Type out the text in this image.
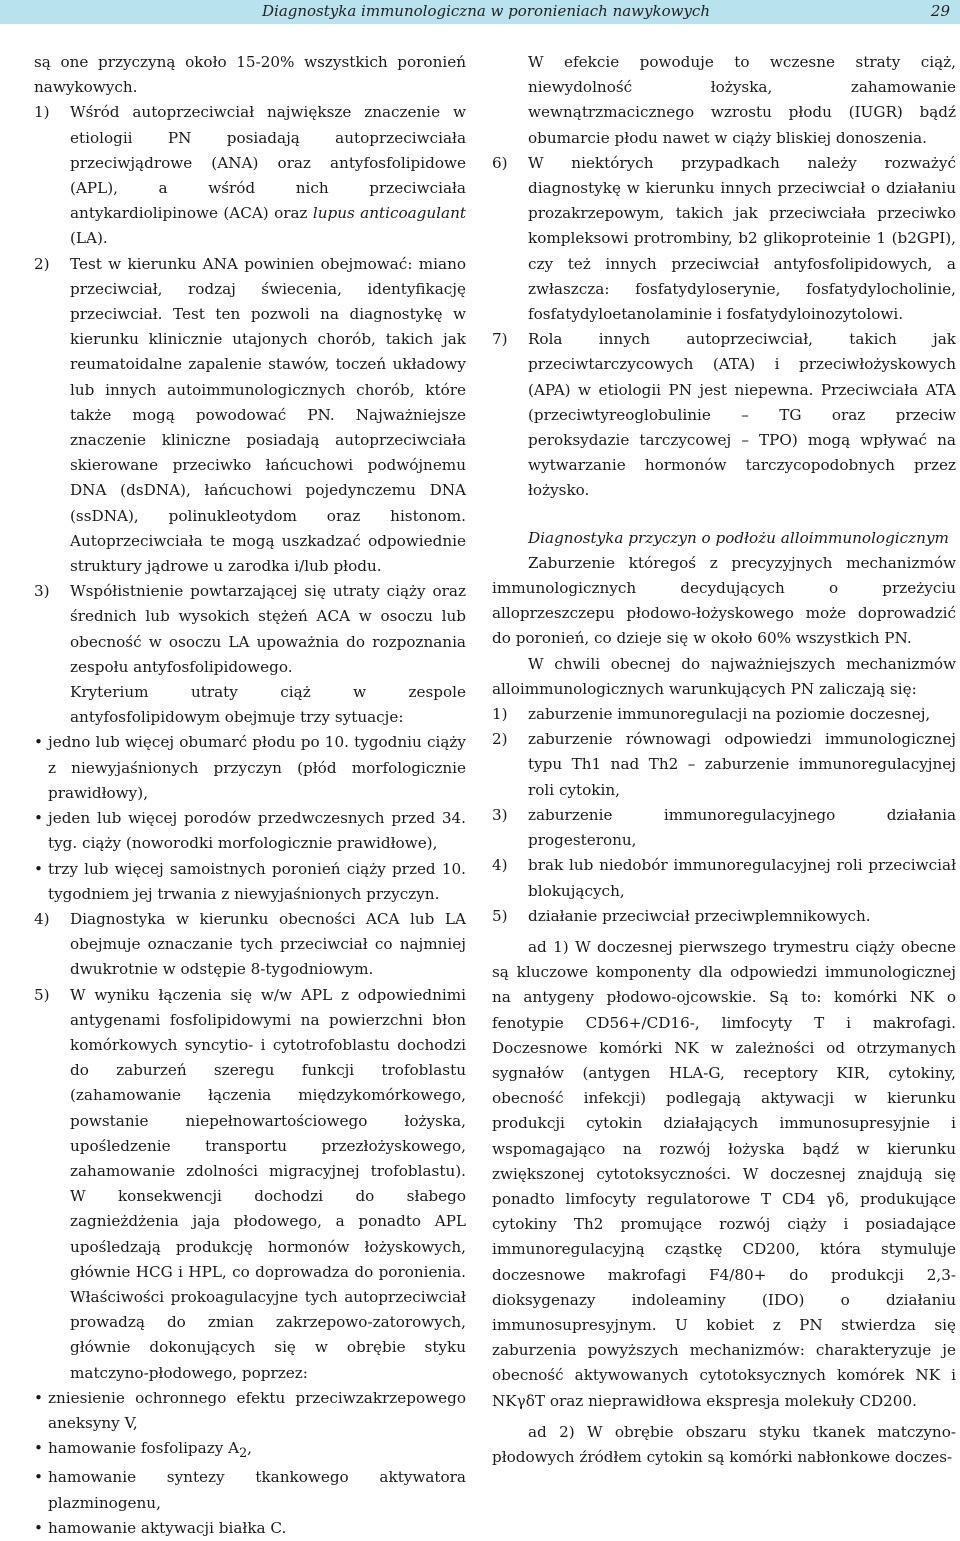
Diagnostyka immunologiczna w poronieniach nawykowych	29

są one przyczyną około 15-20% wszystkich poronień nawykowych.

1)	Wśród autoprzeciwciał największe znaczenie w etiologii PN posiadają autoprzeciwciała przeciwjądrowe (ANA) oraz antyfosfolipidowe (APL), a wśród nich przeciwciała antykardiolipinowe (ACA) oraz lupus anticoagulant (LA).
2)	Test w kierunku ANA powinien obejmować: miano przeciwciał, rodzaj świecenia, identyfikację przeciwciał. Test ten pozwoli na diagnostykę w kierunku klinicznie utajonych chorób, takich jak reumatoidalne zapalenie stawów, toczeń układowy lub innych autoimmunologicznych chorób, które także mogą powodować PN. Najważniejsze znaczenie kliniczne posiadają autoprzeciwciała skierowane przeciwko łańcuchowi podwójnemu DNA (dsDNA), łańcuchowi pojedynczemu DNA (ssDNA), polinukleotydom oraz histonom. Autoprzeciwciała te mogą uszkadzać odpowiednie struktury jądrowe u zarodka i/lub płodu.
3)	Współistnienie powtarzającej się utraty ciąży oraz średnich lub wysokich stężeń ACA w osoczu lub obecność w osoczu LA upoważnia do rozpoznania zespołu antyfosfolipidowego.

Kryterium utraty ciąż w zespole antyfosfolipidowym obejmuje trzy sytuacje:

• jedno lub więcej obumarć płodu po 10. tygodniu ciąży z niewyjaśnionych przyczyn (płód morfologicznie prawidłowy),
• jeden lub więcej porodów przedwczesnych przed 34. tyg. ciąży (noworodki morfologicznie prawidłowe),
• trzy lub więcej samoistnych poronień ciąży przed 10. tygodniem jej trwania z niewyjaśnionych przyczyn.
4)	Diagnostyka w kierunku obecności ACA lub LA obejmuje oznaczanie tych przeciwciał co najmniej dwukrotnie w odstępie 8-tygodniowym.
5)	W wyniku łączenia się w/w APL z odpowiednimi antygenami fosfolipidowymi na powierzchni błon komórkowych syncytio- i cytotrofoblastu dochodzi do zaburzeń szeregu funkcji trofoblastu (zahamowanie łączenia międzykomórkowego, powstanie niepełnowartościowego łożyska, upośledzenie transportu przezłożyskowego, zahamowanie zdolności migracyjnej trofoblastu). W konsekwencji dochodzi do słabego zagnieżdżenia jaja płodowego, a ponadto APL upośledzają produkcję hormonów łożyskowych, głównie HCG i HPL, co doprowadza do poronienia. Właściwości prokoagulacyjne tych autoprzeciwciał prowadzą do zmian zakrzepowo-zatorowych, głównie dokonujących się w obrębie styku matczyno-płodowego, poprzez:
• zniesienie ochronnego efektu przeciwzakrzepowego aneksyny V,
• hamowanie fosfolipazy $A_2$,
• hamowanie syntezy tkankowego aktywatora plazminogenu,
• hamowanie aktywacji białka C.

W efekcie powoduje to wczesne straty ciąż, niewydolność łożyska, zahamowanie wewnątrzmacicznego wzrostu płodu (IUGR) bądź obumarcie płodu nawet w ciąży bliskiej donoszenia.

6)	W niektórych przypadkach należy rozważyć diagnostykę w kierunku innych przeciwciał o działaniu prozakrzepowym, takich jak przeciwciała przeciwko kompleksowi protrombiny, b2 glikoproteinie 1 (b2GPI), czy też innych przeciwciał antyfosfolipidowych, a zwłaszcza: fosfatydyloserynie, fosfatydylocholinie, fosfatydyloetanolaminie i fosfatydyloinozytolowi.
7)	Rola innych autoprzeciwciał, takich jak przeciwtarczycowych (ATA) i przeciwłożyskowych (APA) w etiologii PN jest niepewna. Przeciwciała ATA (przeciwtyreoglobulinie – TG oraz przeciw peroksydazie tarczycowej – TPO) mogą wpływać na wytwarzanie hormonów tarczycopodobnych przez łożysko.

Diagnostyka przyczyn o podłożu alloimmunologicznym

Zaburzenie któregoś z precyzyjnych mechanizmów immunologicznych decydujących o przeżyciu alloprzeszczepu płodowo-łożyskowego może doprowadzić do poronień, co dzieje się w około 60% wszystkich PN.

W chwili obecnej do najważniejszych mechanizmów alloimmunologicznych warunkujących PN zaliczają się:

1)	zaburzenie immunoregulacji na poziomie doczesnej,
2)	zaburzenie równowagi odpowiedzi immunologicznej typu Th1 nad Th2 – zaburzenie immunoregulacyjnej roli cytokin,
3)	zaburzenie immunoregulacyjnego działania progesteronu,
4)	brak lub niedobór immunoregulacyjnej roli przeciwciał blokujących,
5)	działanie przeciwciał przeciwplemnikowych.

ad 1) W doczesnej pierwszego trymestru ciąży obecne są kluczowe komponenty dla odpowiedzi immunologicznej na antygeny płodowo-ojcowskie. Są to: komórki NK o fenotypie CD56+/CD16-, limfocyty T i makrofagi. Doczesnowe komórki NK w zależności od otrzymanych sygnałów (antygen HLA-G, receptory KIR, cytokiny, obecność infekcji) podlegają aktywacji w kierunku produkcji cytokin działających immunosupresyjnie i wspomagająco na rozwój łożyska bądź w kierunku zwiększonej cytotoksyczności. W doczesnej znajdują się ponadto limfocyty regulatorowe T CD4 γδ, produkujące cytokiny Th2 promujące rozwój ciąży i posiadające immunoregulacyjną cząstkę CD200, która stymuluje doczesnowe makrofagi F4/80+ do produkcji 2,3-dioksygenazy indoleaminy (IDO) o działaniu immunosupresyjnym. U kobiet z PN stwierdza się zaburzenia powyższych mechanizmów: charakteryzuje je obecność aktywowanych cytotoksycznych komórek NK i NKγδT oraz nieprawidłowa ekspresja molekuły CD200.

ad 2) W obrębie obszaru styku tkanek matczyno-płodowych źródłem cytokin są komórki nabłonkowe doczes-
